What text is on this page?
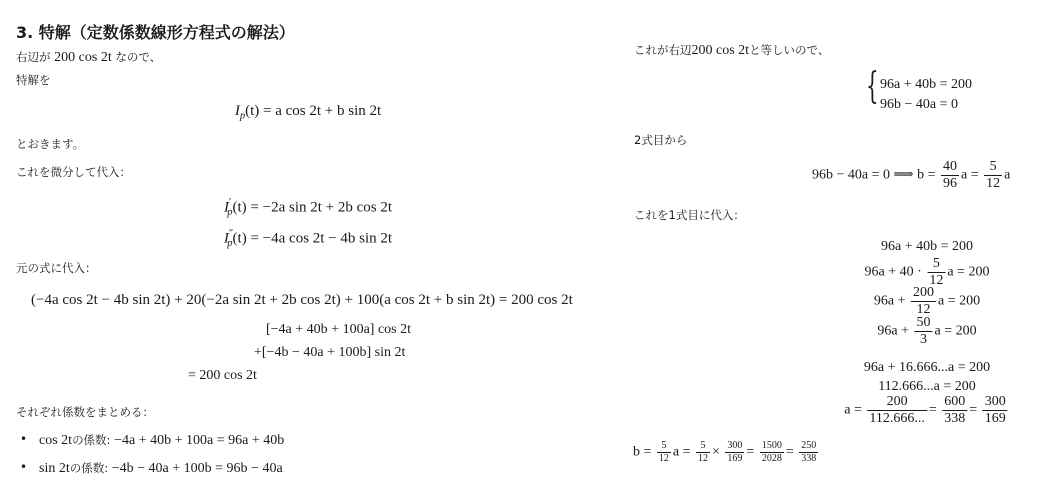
3. 特解（定数係数線形方程式の解法）
右辺が 200 cos 2t なので、
特解を
$I_p(t) = a$ cos 2t + b sin 2t
とおきます。
これを微分して代入：
$I'_p(t) = -2a$ sin 2t + 2b cos 2t
$I''_p(t) = -4a$ cos 2t − 4b sin 2t
元の式に代入：
(−4a cos 2t − 4b sin 2t) + 20(−2a sin 2t + 2b cos 2t) + 100(a cos 2t + b sin 2t) = 200 cos 2t
[−4a + 40b + 100a] cos 2t
+[−4b − 40a + 100b] sin 2t
= 200 cos 2t
それぞれ係数をまとめる：
cos 2tの係数: −4a + 40b + 100a = 96a + 40b
sin 2tの係数: −4b − 40a + 100b = 96b − 40a
これが右辺200 cos 2tと等しいので、
{ 96a + 40b = 200
96b − 40a = 0
2式目から
96b − 40a = 0 ⟹ $b = \frac{40}{96}$ $a = \frac{5}{12}$ a
これを1式目に代入：
96a + 40b = 200
$96a + 40 \cdot \frac{5}{12}$ a = 200
$96a + \frac{200}{12}$ a = 200
$96a + \frac{50}{3}$ a = 200
96a + 16.666...a = 200
112.666...a = 200
$a = \frac{200}{112.666...} = \frac{600}{338} = \frac{300}{169}$
$b = \frac{5}{12}$ $a = \frac{5}{12} \times \frac{300}{169} = \frac{1500}{2028} = \frac{250}{338}$
